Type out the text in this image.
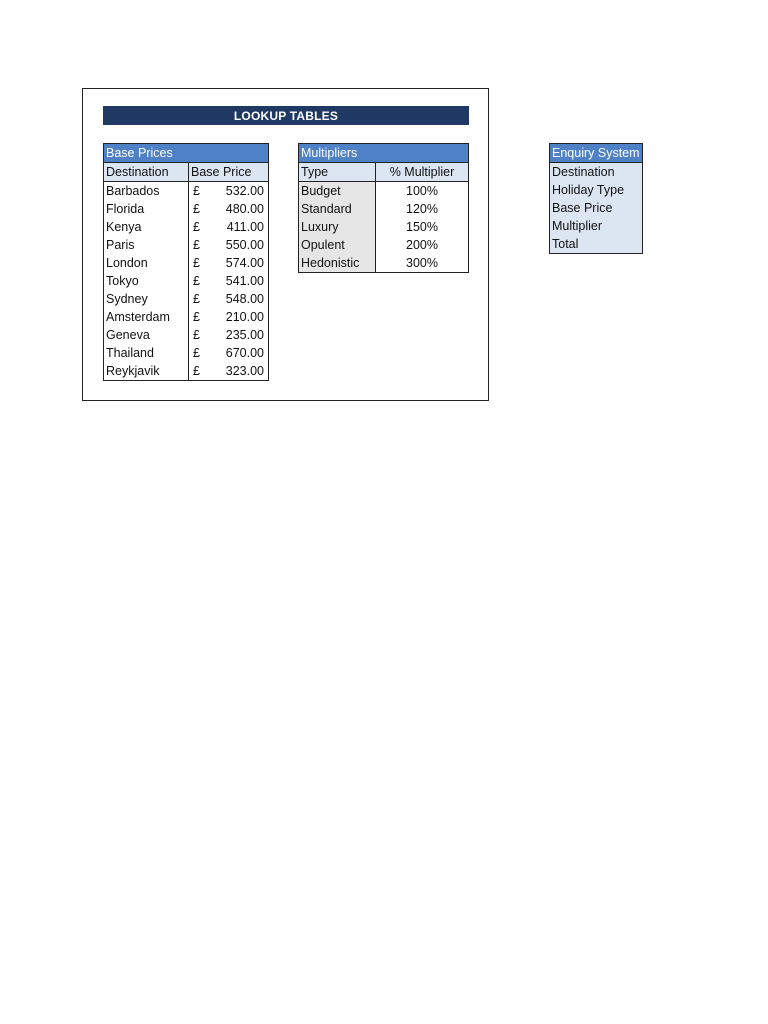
LOOKUP TABLES
Base Prices		
Destination	Base Price	
Barbados	£	532.00
Florida	£	480.00
Kenya	£	411.00
Paris	£	550.00
London	£	574.00
Tokyo	£	541.00
Sydney	£	548.00
Amsterdam	£	210.00
Geneva	£	235.00
Thailand	£	670.00
Reykjavik	£	323.00
Multipliers	
Type	% Multiplier
Budget	100%
Standard	120%
Luxury	150%
Opulent	200%
Hedonistic	300%
Enquiry System
Destination
Holiday Type
Base Price
Multiplier
Total
